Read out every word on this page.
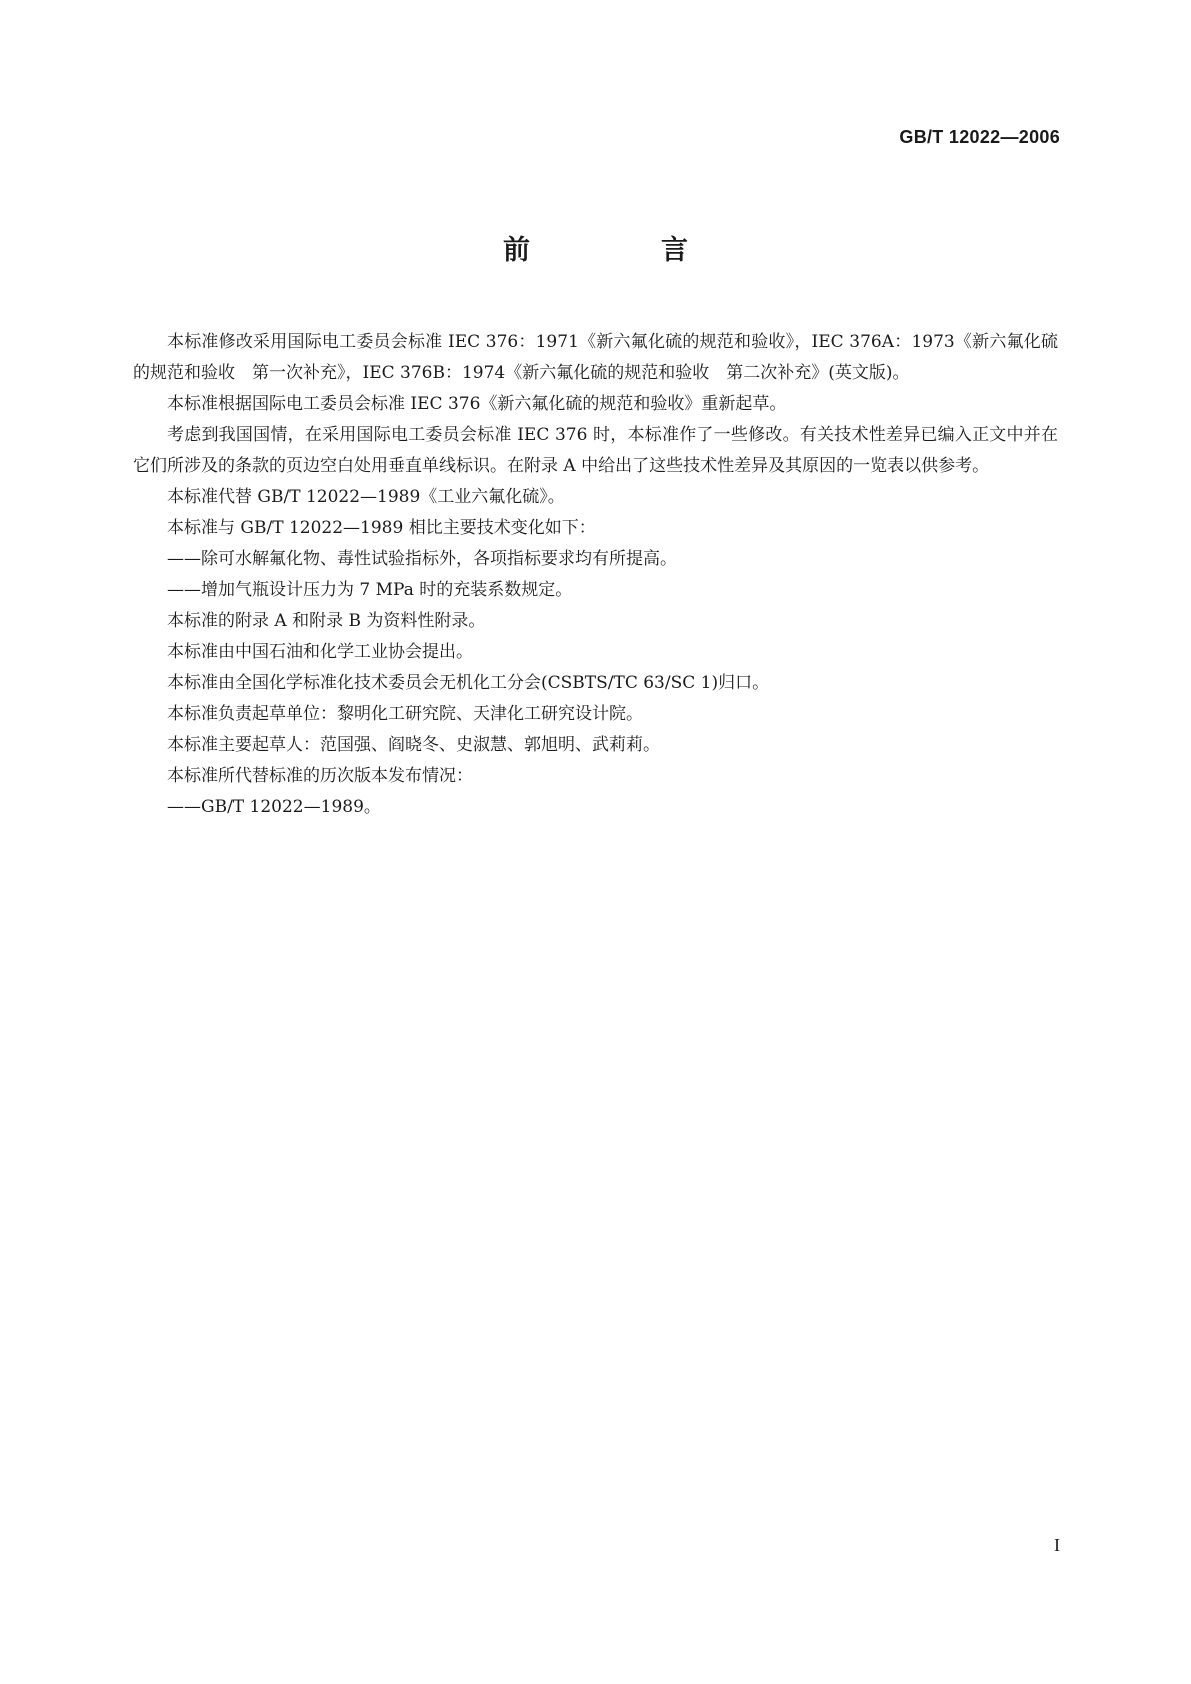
GB/T 12022—2006
前　言

本标准修改采用国际电工委员会标准 IEC 376：1971《新六氟化硫的规范和验收》，IEC 376A：1973《新六氟化硫的规范和验收　第一次补充》，IEC 376B：1974《新六氟化硫的规范和验收　第二次补充》(英文版)。

本标准根据国际电工委员会标准 IEC 376《新六氟化硫的规范和验收》重新起草。

考虑到我国国情，在采用国际电工委员会标准 IEC 376 时，本标准作了一些修改。有关技术性差异已编入正文中并在它们所涉及的条款的页边空白处用垂直单线标识。在附录 A 中给出了这些技术性差异及其原因的一览表以供参考。

本标准代替 GB/T 12022—1989《工业六氟化硫》。

本标准与 GB/T 12022—1989 相比主要技术变化如下：

——除可水解氟化物、毒性试验指标外，各项指标要求均有所提高。

——增加气瓶设计压力为 7 MPa 时的充装系数规定。

本标准的附录 A 和附录 B 为资料性附录。

本标准由中国石油和化学工业协会提出。

本标准由全国化学标准化技术委员会无机化工分会(CSBTS/TC 63/SC 1)归口。

本标准负责起草单位：黎明化工研究院、天津化工研究设计院。

本标准主要起草人：范国强、阎晓冬、史淑慧、郭旭明、武莉莉。

本标准所代替标准的历次版本发布情况：

——GB/T 12022—1989。

I
